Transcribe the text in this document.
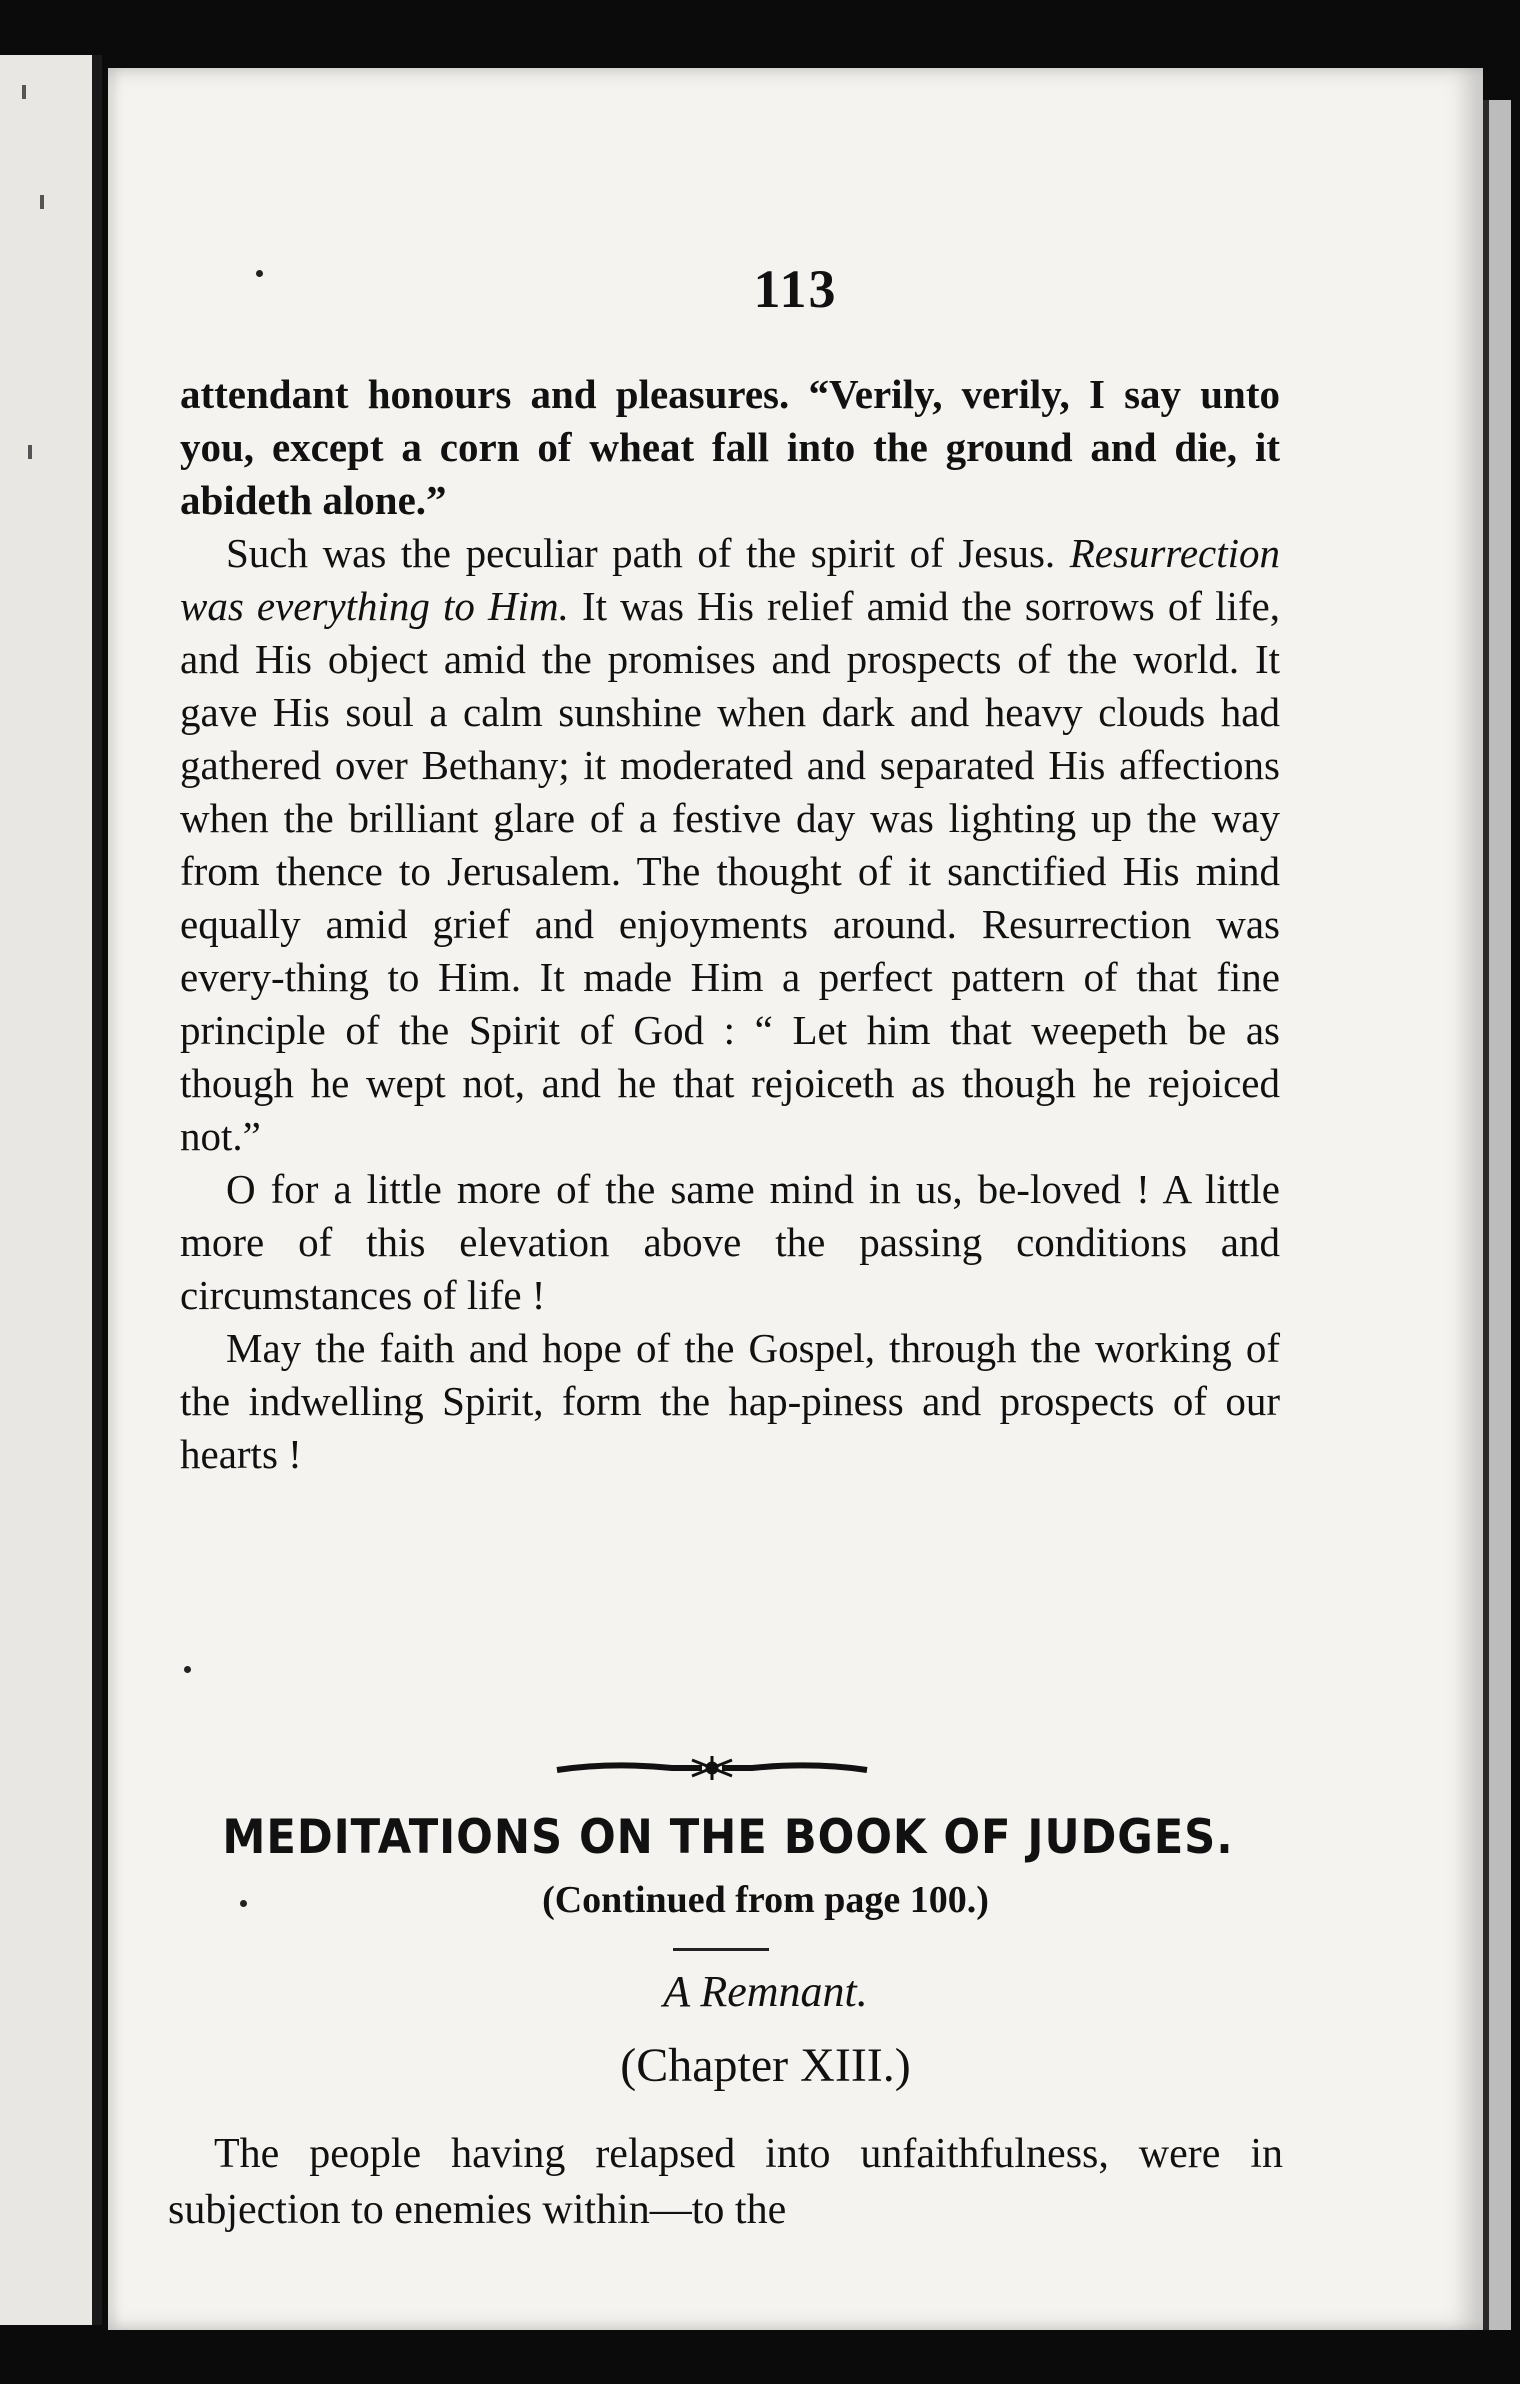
113

attendant honours and pleasures. “Verily, verily, I say unto you, except a corn of wheat fall into the ground and die, it abideth alone.”

Such was the peculiar path of the spirit of Jesus. Resurrection was everything to Him. It was His relief amid the sorrows of life, and His object amid the promises and prospects of the world. It gave His soul a calm sunshine when dark and heavy clouds had gathered over Bethany; it moderated and separated His affections when the brilliant glare of a festive day was lighting up the way from thence to Jerusalem. The thought of it sanctified His mind equally amid grief and enjoyments around. Resurrection was every-thing to Him. It made Him a perfect pattern of that fine principle of the Spirit of God : “ Let him that weepeth be as though he wept not, and he that rejoiceth as though he rejoiced not.”

O for a little more of the same mind in us, be-loved ! A little more of this elevation above the passing conditions and circumstances of life !

May the faith and hope of the Gospel, through the working of the indwelling Spirit, form the hap-piness and prospects of our hearts !

MEDITATIONS ON THE BOOK OF JUDGES.
(Continued from page 100.)
A Remnant.
(Chapter XIII.)

The people having relapsed into unfaithfulness, were in subjection to enemies within—to the
